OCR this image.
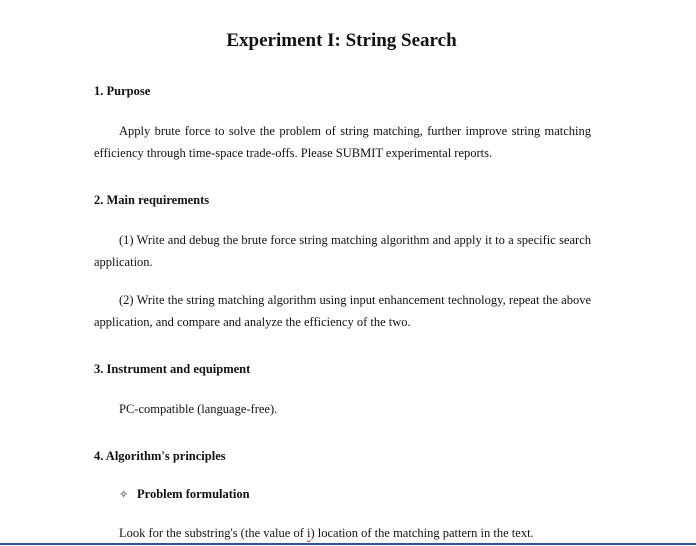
Experiment I: String Search
1. Purpose
Apply brute force to solve the problem of string matching, further improve string matching efficiency through time-space trade-offs. Please SUBMIT experimental reports.
2. Main requirements
(1) Write and debug the brute force string matching algorithm and apply it to a specific search application.
(2) Write the string matching algorithm using input enhancement technology, repeat the above application, and compare and analyze the efficiency of the two.
3. Instrument and equipment
PC-compatible (language-free).
4. Algorithm's principles
✧ Problem formulation
Look for the substring's (the value of i) location of the matching pattern in the text.
